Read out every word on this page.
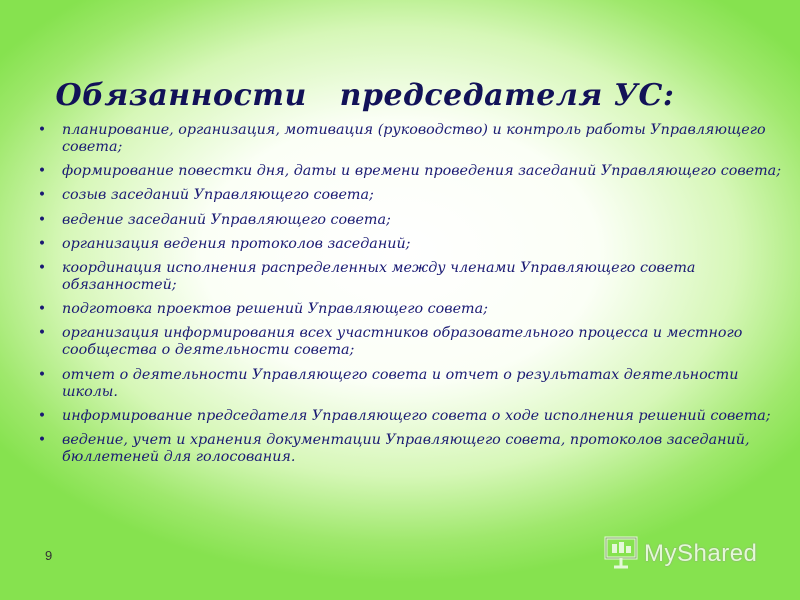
Обязанности   председателя УС:
• планирование, организация, мотивация (руководство) и контроль работы Управляющего совета;
• формирование повестки дня, даты и времени проведения заседаний Управляющего совета;
• созыв заседаний Управляющего совета;
• ведение заседаний Управляющего совета;
• организация ведения протоколов заседаний;
• координация исполнения распределенных между членами Управляющего совета обязанностей;
• подготовка проектов решений Управляющего совета;
• организация информирования всех участников образовательного процесса и местного сообщества о деятельности совета;
• отчет о деятельности Управляющего совета и отчет о результатах деятельности школы.
• информирование председателя Управляющего совета о ходе исполнения решений совета;
• ведение, учет и хранения документации Управляющего совета, протоколов заседаний, бюллетеней для голосования.
9	MyShared
